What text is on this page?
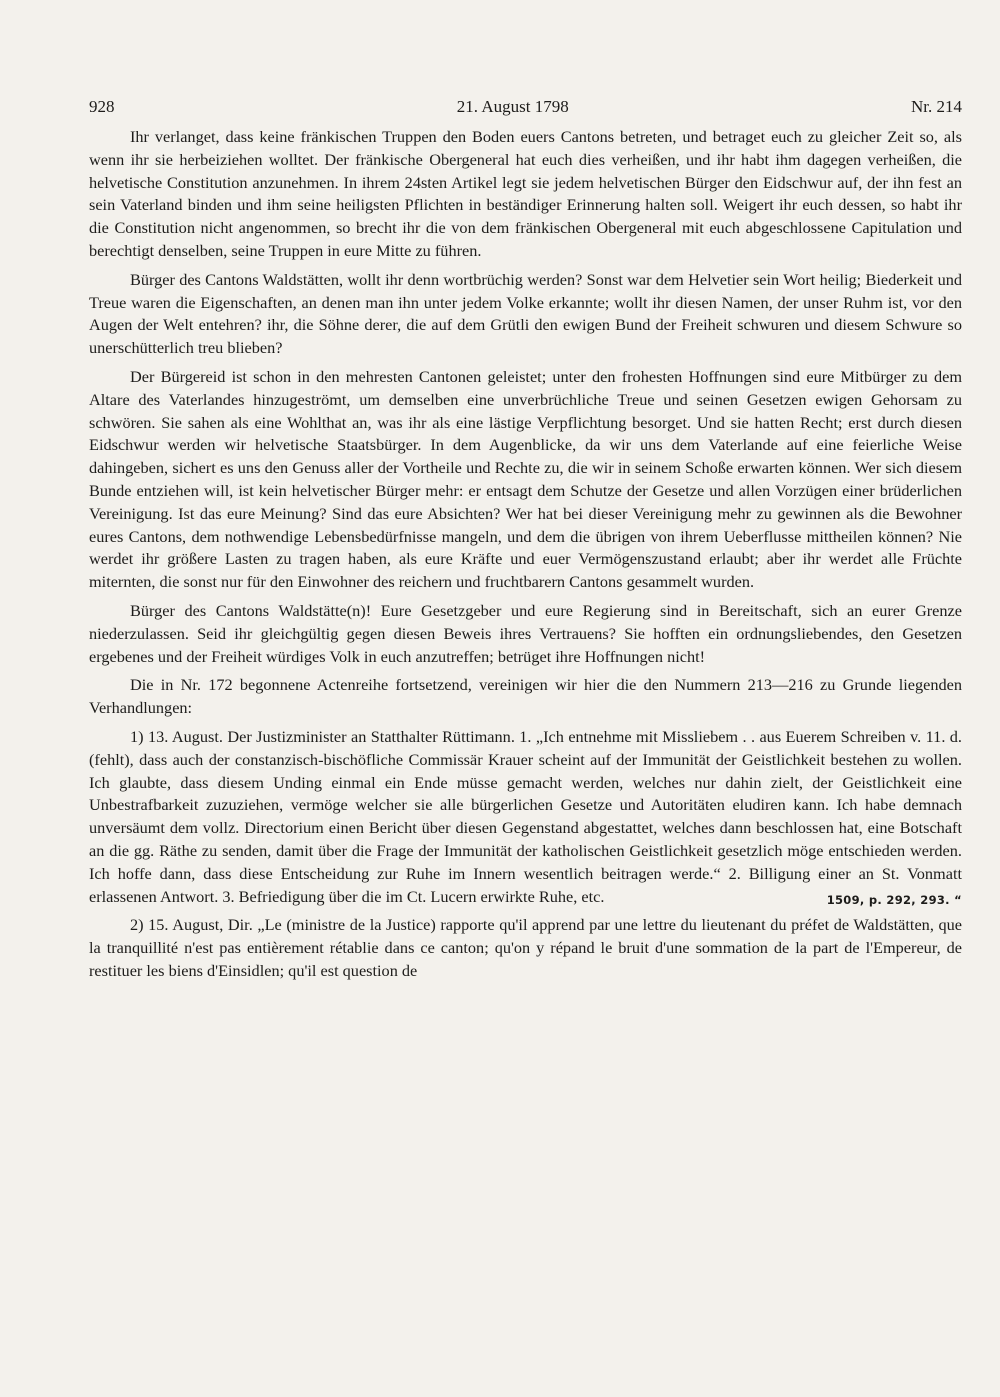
928	21. August 1798	Nr. 214

Ihr verlanget, dass keine fränkischen Truppen den Boden euers Cantons betreten, und betraget euch zu gleicher Zeit so, als wenn ihr sie herbeiziehen wolltet. Der fränkische Obergeneral hat euch dies verheißen, und ihr habt ihm dagegen verheißen, die helvetische Constitution anzunehmen. In ihrem 24sten Artikel legt sie jedem helvetischen Bürger den Eidschwur auf, der ihn fest an sein Vaterland binden und ihm seine heiligsten Pflichten in beständiger Erinnerung halten soll. Weigert ihr euch dessen, so habt ihr die Constitution nicht angenommen, so brecht ihr die von dem fränkischen Obergeneral mit euch abgeschlossene Capitulation und berechtigt denselben, seine Truppen in eure Mitte zu führen.

Bürger des Cantons Waldstätten, wollt ihr denn wortbrüchig werden? Sonst war dem Helvetier sein Wort heilig; Biederkeit und Treue waren die Eigenschaften, an denen man ihn unter jedem Volke erkannte; wollt ihr diesen Namen, der unser Ruhm ist, vor den Augen der Welt entehren? ihr, die Söhne derer, die auf dem Grütli den ewigen Bund der Freiheit schwuren und diesem Schwure so unerschütterlich treu blieben?

Der Bürgereid ist schon in den mehresten Cantonen geleistet; unter den frohesten Hoffnungen sind eure Mitbürger zu dem Altare des Vaterlandes hinzugeströmt, um demselben eine unverbrüchliche Treue und seinen Gesetzen ewigen Gehorsam zu schwören. Sie sahen als eine Wohlthat an, was ihr als eine lästige Verpflichtung besorget. Und sie hatten Recht; erst durch diesen Eidschwur werden wir helvetische Staatsbürger. In dem Augenblicke, da wir uns dem Vaterlande auf eine feierliche Weise dahingeben, sichert es uns den Genuss aller der Vortheile und Rechte zu, die wir in seinem Schoße erwarten können. Wer sich diesem Bunde entziehen will, ist kein helvetischer Bürger mehr: er entsagt dem Schutze der Gesetze und allen Vorzügen einer brüderlichen Vereinigung. Ist das eure Meinung? Sind das eure Absichten? Wer hat bei dieser Vereinigung mehr zu gewinnen als die Bewohner eures Cantons, dem nothwendige Lebensbedürfnisse mangeln, und dem die übrigen von ihrem Ueberflusse mittheilen können? Nie werdet ihr größere Lasten zu tragen haben, als eure Kräfte und euer Vermögenszustand erlaubt; aber ihr werdet alle Früchte miternten, die sonst nur für den Einwohner des reichern und fruchtbarern Cantons gesammelt wurden.

Bürger des Cantons Waldstätte(n)! Eure Gesetzgeber und eure Regierung sind in Bereitschaft, sich an eurer Grenze niederzulassen. Seid ihr gleichgültig gegen diesen Beweis ihres Vertrauens? Sie hofften ein ordnungsliebendes, den Gesetzen ergebenes und der Freiheit würdiges Volk in euch anzutreffen; betrüget ihre Hoffnungen nicht!

Die in Nr. 172 begonnene Actenreihe fortsetzend, vereinigen wir hier die den Nummern 213—216 zu Grunde liegenden Verhandlungen:

1) 13. August. Der Justizminister an Statthalter Rüttimann. 1. „Ich entnehme mit Missliebem . . aus Euerem Schreiben v. 11. d. (fehlt), dass auch der constanzisch-bischöfliche Commissär Krauer scheint auf der Immunität der Geistlichkeit bestehen zu wollen. Ich glaubte, dass diesem Unding einmal ein Ende müsse gemacht werden, welches nur dahin zielt, der Geistlichkeit eine Unbestrafbarkeit zuzuziehen, vermöge welcher sie alle bürgerlichen Gesetze und Autoritäten eludiren kann. Ich habe demnach unversäumt dem vollz. Directorium einen Bericht über diesen Gegenstand abgestattet, welches dann beschlossen hat, eine Botschaft an die gg. Räthe zu senden, damit über die Frage der Immunität der katholischen Geistlichkeit gesetzlich möge entschieden werden. Ich hoffe dann, dass diese Entscheidung zur Ruhe im Innern wesentlich beitragen werde.“ 2. Billigung einer an St. Vonmatt erlassenen Antwort. 3. Befriedigung über die im Ct. Lucern erwirkte Ruhe, etc.	1509, p. 292, 293. “

2) 15. August, Dir. „Le (ministre de la Justice) rapporte qu'il apprend par une lettre du lieutenant du préfet de Waldstätten, que la tranquillité n'est pas entièrement rétablie dans ce canton; qu'on y répand le bruit d'une sommation de la part de l'Empereur, de restituer les biens d'Einsidlen; qu'il est question de
